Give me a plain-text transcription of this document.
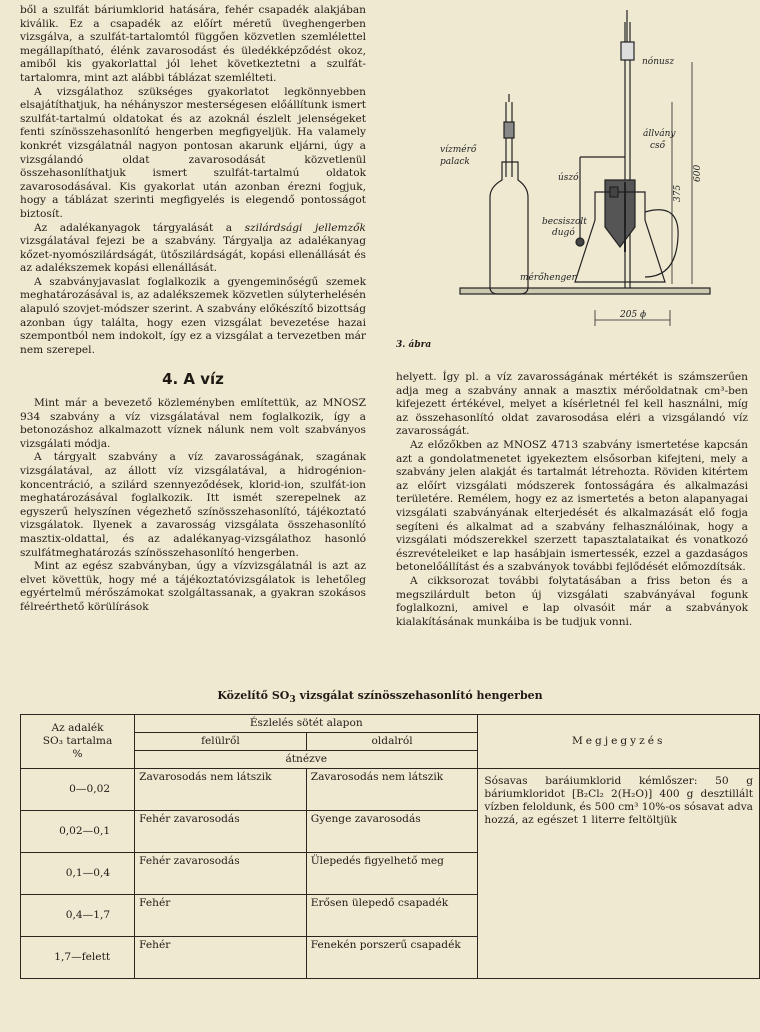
ből a szulfát báriumklorid hatására, fehér csapadék alakjában kiválik. Ez a csapadék az előírt méretű üveghengerben vizsgálva, a szulfát-tartalomtól függően közvetlen szemlélettel megállapítható, élénk zavarosodást és üledékképződést okoz, amiből kis gyakorlattal jól lehet következtetni a szulfát-tartalomra, mint azt alábbi táblázat szemlélteti.

A vizsgálathoz szükséges gyakorlatot legkönnyebben elsajátíthatjuk, ha néhányszor mesterségesen előállítunk ismert szulfát-tartalmú oldatokat és az azoknál észlelt jelenségeket fenti színösszehasonlító hengerben megfigyeljük. Ha valamely konkrét vizsgálatnál nagyon pontosan akarunk eljárni, úgy a vizsgálandó oldat zavarosodását közvetlenül összehasonlíthatjuk ismert szulfát-tartalmú oldatok zavarosodásával. Kis gyakorlat után azonban érezni fogjuk, hogy a táblázat szerinti megfigyelés is elegendő pontosságot biztosít.

Az adalékanyagok tárgyalását a szilárdsági jellemzők vizsgálatával fejezi be a szabvány. Tárgyalja az adalékanyag kőzet-nyomószilárdságát, ütőszilárdságát, kopási ellenállását és az adalékszemek kopási ellenállását.

A szabványjavaslat foglalkozik a gyengeminőségű szemek meghatározásával is, az adalékszemek közvetlen súlyterhelésén alapuló szovjet-módszer szerint. A szabvány előkészítő bizottság azonban úgy találta, hogy ezen vizsgálat bevezetése hazai szempontból nem indokolt, így ez a vizsgálat a tervezetben már nem szerepel.

4. A víz

Mint már a bevezető közleményben említettük, az MNOSZ 934 szabvány a víz vizsgálatával nem foglalkozik, így a betonozáshoz alkalmazott víznek nálunk nem volt szabványos vizsgálati módja.

A tárgyalt szabvány a víz zavarosságának, szagának vizsgálatával, az állott víz vizsgálatával, a hidrogénion-koncentráció, a szilárd szennyeződések, klorid-ion, szulfát-ion meghatározásával foglalkozik. Itt ismét szerepelnek az egyszerű helyszínen végezhető színösszehasonlító, tájékoztató vizsgálatok. Ilyenek a zavarosság vizsgálata összehasonlító masztix-oldattal, és az adalékanyag-vizsgálathoz hasonló szulfátmeghatározás színösszehasonlító hengerben.

Mint az egész szabványban, úgy a vízvizsgálatnál is azt az elvet követtük, hogy mé a tájékoztatóvizsgálatok is lehetőleg egyértelmű mérőszámokat szolgáltassanak, a gyakran szokásos félreérthető körülírások

nónusz
állvány
cső
vízmérő
palack
úszó
becsiszolt
dugó
mérőhenger
600
375
205 ϕ
3. ábra

helyett. Így pl. a víz zavarosságának mértékét is számszerűen adja meg a szabvány annak a masztix mérőoldatnak cm³-ben kifejezett értékével, melyet a kísérletnél fel kell használni, míg az összehasonlító oldat zavarosodása eléri a vizsgálandó víz zavarosságát.

Az előzőkben az MNOSZ 4713 szabvány ismertetése kapcsán azt a gondolatmenetet igyekeztem elsősorban kifejteni, mely a szabvány jelen alakját és tartalmát létrehozta. Röviden kitértem az előírt vizsgálati módszerek fontosságára és alkalmazási területére. Remélem, hogy ez az ismertetés a beton alapanyagai vizsgálati szabványának elterjedését és alkalmazását elő fogja segíteni és alkalmat ad a szabvány felhasználóinak, hogy a vizsgálati módszerekkel szerzett tapasztalataikat és vonatkozó észrevételeiket e lap hasábjain ismertessék, ezzel a gazdaságos betonelőállítást és a szabványok további fejlődését előmozdítsák.

A cikksorozat további folytatásában a friss beton és a megszilárdult beton új vizsgálati szabványával fogunk foglalkozni, amivel e lap olvasóit már a szabványok kialakításának munkáiba is be tudjuk vonni.

Közelítő $SO_3$ vizsgálat színösszehasonlító hengerben
Az adalék
SO₃ tartalma
%	Észlelés sötét alapon		Megjegyzés
	felülről	oldalról	
	átnézve		
0—0,02	Zavarosodás nem látszik	Zavarosodás nem látszik	Sósavas baráiumklorid kémlőszer: 50 g báriumkloridot [B₂Cl₂ 2(H₂O)] 400 g desztillált vízben feloldunk, és 500 cm³ 10%-os sósavat adva hozzá, az egészet 1 literre feltöltjük
0,02—0,1	Fehér zavarosodás	Gyenge zavarosodás	
0,1—0,4	Fehér zavarosodás	Ülepedés figyelhető meg	
0,4—1,7	Fehér	Erősen ülepedő csapadék	
1,7—felett	Fehér	Fenekén porszerű csapadék	
